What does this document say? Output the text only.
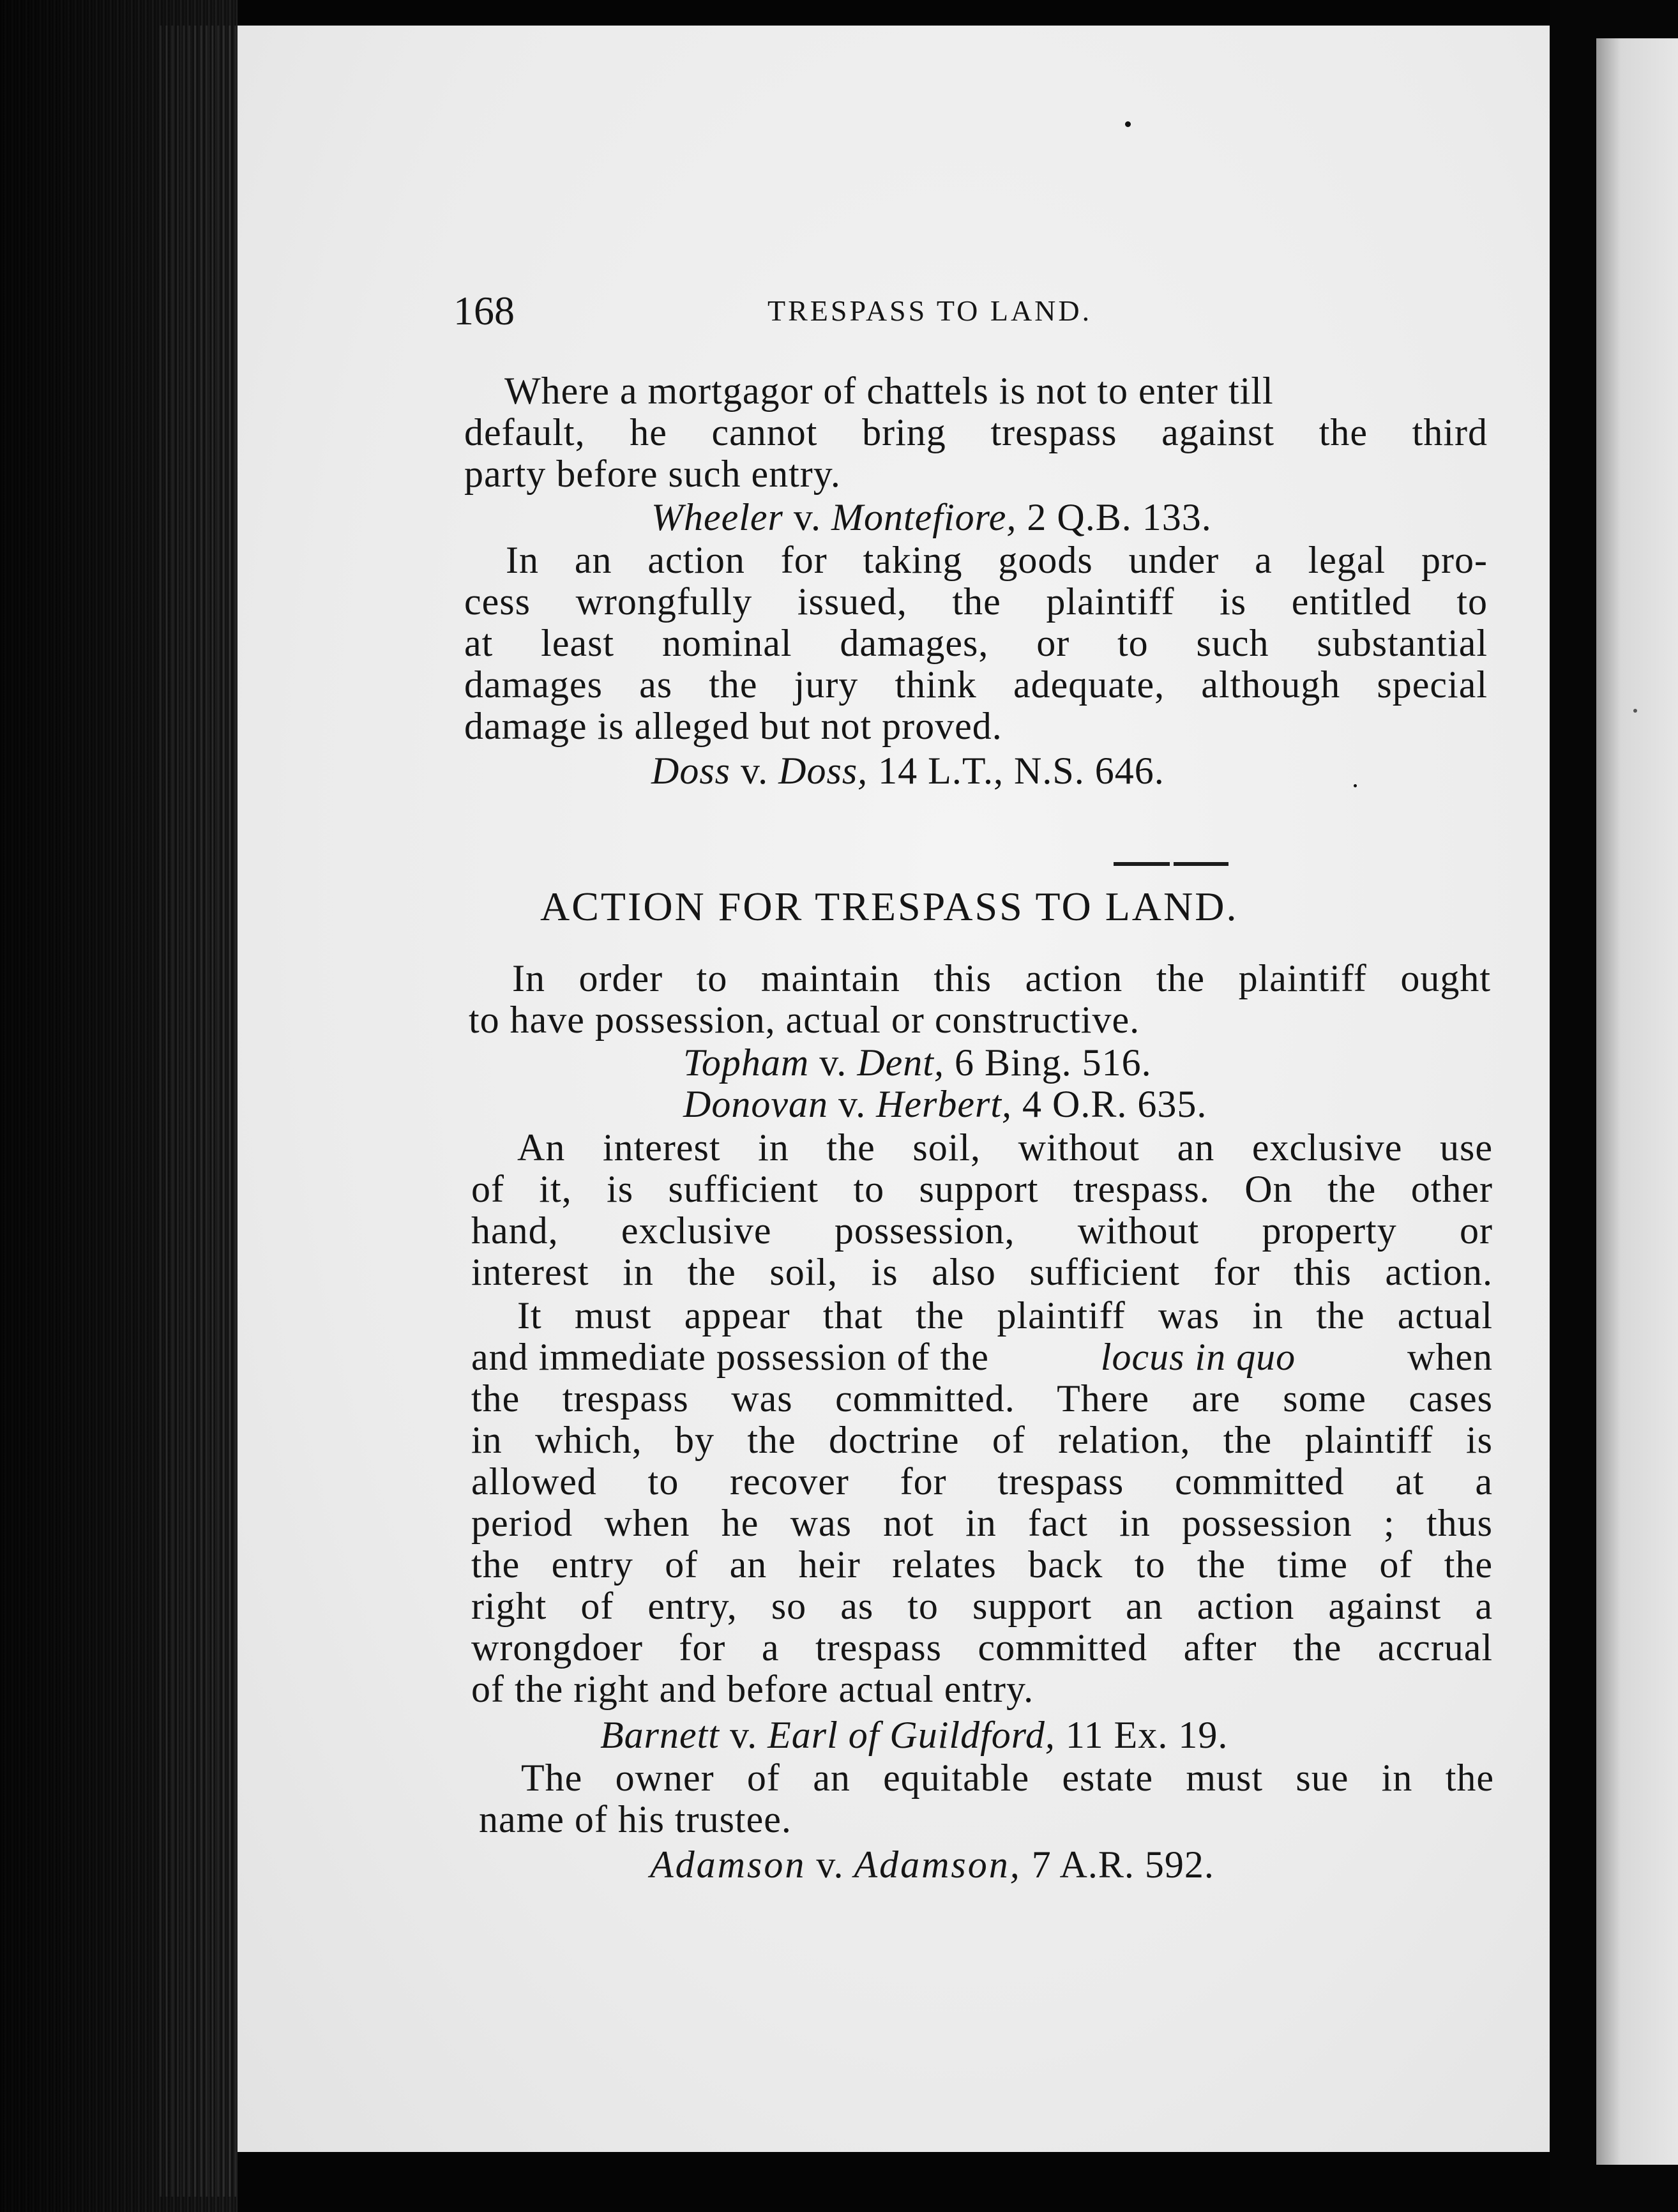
168	TRESPASS TO LAND.
Where a mortgagor of chattels is not to enter till
default, he cannot bring trespass against the third
party before such entry.
Wheeler v. Montefiore, 2 Q.B. 133.
In an action for taking goods under a legal pro-
cess wrongfully issued, the plaintiff is entitled to
at least nominal damages, or to such substantial
damages as the jury think adequate, although special
damage is alleged but not proved.
Doss v. Doss, 14 L.T., N.S. 646.
ACTION FOR TRESPASS TO LAND.
In order to maintain this action the plaintiff ought
to have possession, actual or constructive.
Topham v. Dent, 6 Bing. 516.
Donovan v. Herbert, 4 O.R. 635.
An interest in the soil, without an exclusive use
of it, is sufficient to support trespass. On the other
hand, exclusive possession, without property or
interest in the soil, is also sufficient for this action.
It must appear that the plaintiff was in the actual
and immediate possession of the	locus in quo	when
the trespass was committed. There are some cases
in which, by the doctrine of relation, the plaintiff is
allowed to recover for trespass committed at a
period when he was not in fact in possession ; thus
the entry of an heir relates back to the time of the
right of entry, so as to support an action against a
wrongdoer for a trespass committed after the accrual
of the right and before actual entry.
Barnett v. Earl of Guildford, 11 Ex. 19.
The owner of an equitable estate must sue in the
name of his trustee.
Adamson v. Adamson, 7 A.R. 592.
